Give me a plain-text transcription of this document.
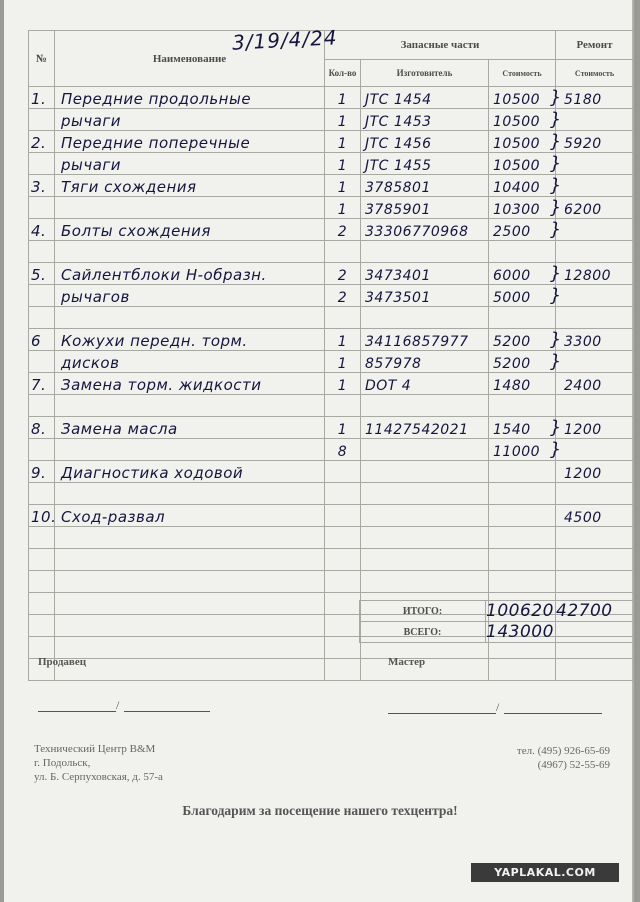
№	Наименование	Запасные части			Ремонт
		Кол-во	Изготовитель	Стоимость	Стоимость
1.	Передние продольные	1	JTC 1454	10500 }	5180
	рычаги	1	JTC 1453	10500 }	
2.	Передние поперечные	1	JTC 1456	10500 }	5920
	рычаги	1	JTC 1455	10500 }	
3.	Тяги схождения	1	3785801	10400 }	
		1	3785901	10300 }	6200
4.	Болты схождения	2	33306770968	2500 }	

5.	Сайлентблоки Н-образн.	2	3473401	6000 }	12800
	рычагов	2	3473501	5000 }	

6	Кожухи передн. торм.	1	34116857977	5200 }	3300
	дисков	1	857978	5200 }	
7.	Замена торм. жидкости	1	DOT 4	1480	2400

8.	Замена масла	1	11427542021	1540 }	1200
		8		11000 }	
9.	Диагностика ходовой				1200

10.	Сход-развал				4500

3/19/4/24
ИТОГО:	100620	42700
ВСЕГО:	143000	
Продавец
/
Мастер
/
Технический Центр B&M
г. Подольск,
ул. Б. Серпуховская, д. 57-а
тел. (495) 926-65-69
(4967) 52-55-69
Благодарим за посещение нашего техцентра!
YAPLAKAL.COM
